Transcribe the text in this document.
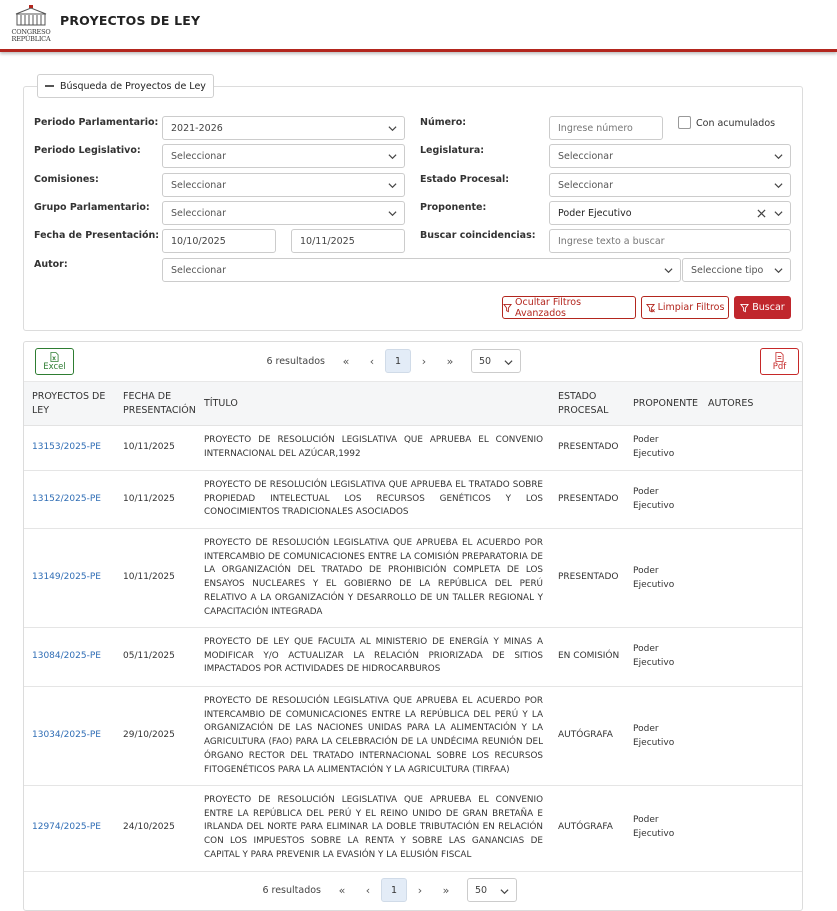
CONGRESO
REPÚBLICA
PROYECTOS DE LEY
Búsqueda de Proyectos de Ley
Periodo Parlamentario: 2021-2026
Periodo Legislativo:	Seleccionar
Comisiones:	Seleccionar
Grupo Parlamentario: Seleccionar
Fecha de Presentación:	10/10/2025	10/11/2025
Autor:	Seleccionar	Seleccione tipo
Número:	Ingrese número	Con acumulados
Legislatura:	Seleccionar
Estado Procesal:	Seleccionar
Proponente:	Poder Ejecutivo
Buscar coincidencias:	Ingrese texto a buscar
Ocultar Filtros Avanzados	Limpiar Filtros	Buscar
Excel
6 resultados	«	‹	1	›	»	50
Pdf
PROYECTOS DE LEY
FECHA DE PRESENTACIÓN
TÍTULO
ESTADO PROCESAL
PROPONENTE AUTORES
13153/2025-PE 10/11/2025
PROYECTO DE RESOLUCIÓN LEGISLATIVA QUE APRUEBA EL CONVENIO INTERNACIONAL DEL AZÚCAR,1992
PRESENTADO
Poder Ejecutivo
13152/2025-PE 10/11/2025
PROYECTO DE RESOLUCIÓN LEGISLATIVA QUE APRUEBA EL TRATADO SOBRE PROPIEDAD INTELECTUAL LOS RECURSOS GENÉTICOS Y LOS CONOCIMIENTOS TRADICIONALES ASOCIADOS
PRESENTADO
Poder Ejecutivo
13149/2025-PE 10/11/2025
PROYECTO DE RESOLUCIÓN LEGISLATIVA QUE APRUEBA EL ACUERDO POR INTERCAMBIO DE COMUNICACIONES ENTRE LA COMISIÓN PREPARATORIA DE LA ORGANIZACIÓN DEL TRATADO DE PROHIBICIÓN COMPLETA DE LOS ENSAYOS NUCLEARES Y EL GOBIERNO DE LA REPÚBLICA DEL PERÚ RELATIVO A LA ORGANIZACIÓN Y DESARROLLO DE UN TALLER REGIONAL Y CAPACITACIÓN INTEGRADA
PRESENTADO
Poder Ejecutivo
13084/2025-PE 05/11/2025
PROYECTO DE LEY QUE FACULTA AL MINISTERIO DE ENERGÍA Y MINAS A MODIFICAR Y/O ACTUALIZAR LA RELACIÓN PRIORIZADA DE SITIOS IMPACTADOS POR ACTIVIDADES DE HIDROCARBUROS
EN COMISIÓN
Poder Ejecutivo
13034/2025-PE 29/10/2025
PROYECTO DE RESOLUCIÓN LEGISLATIVA QUE APRUEBA EL ACUERDO POR INTERCAMBIO DE COMUNICACIONES ENTRE LA REPÚBLICA DEL PERÚ Y LA ORGANIZACIÓN DE LAS NACIONES UNIDAS PARA LA ALIMENTACIÓN Y LA AGRICULTURA (FAO) PARA LA CELEBRACIÓN DE LA UNDÉCIMA REUNIÓN DEL ÓRGANO RECTOR DEL TRATADO INTERNACIONAL SOBRE LOS RECURSOS FITOGENÉTICOS PARA LA ALIMENTACIÓN Y LA AGRICULTURA (TIRFAA)
AUTÓGRAFA
Poder Ejecutivo
12974/2025-PE 24/10/2025
PROYECTO DE RESOLUCIÓN LEGISLATIVA QUE APRUEBA EL CONVENIO ENTRE LA REPÚBLICA DEL PERÚ Y EL REINO UNIDO DE GRAN BRETAÑA E IRLANDA DEL NORTE PARA ELIMINAR LA DOBLE TRIBUTACIÓN EN RELACIÓN CON LOS IMPUESTOS SOBRE LA RENTA Y SOBRE LAS GANANCIAS DE CAPITAL Y PARA PREVENIR LA EVASIÓN Y LA ELUSIÓN FISCAL
AUTÓGRAFA
Poder Ejecutivo
6 resultados	«	‹	1	›	»	50
